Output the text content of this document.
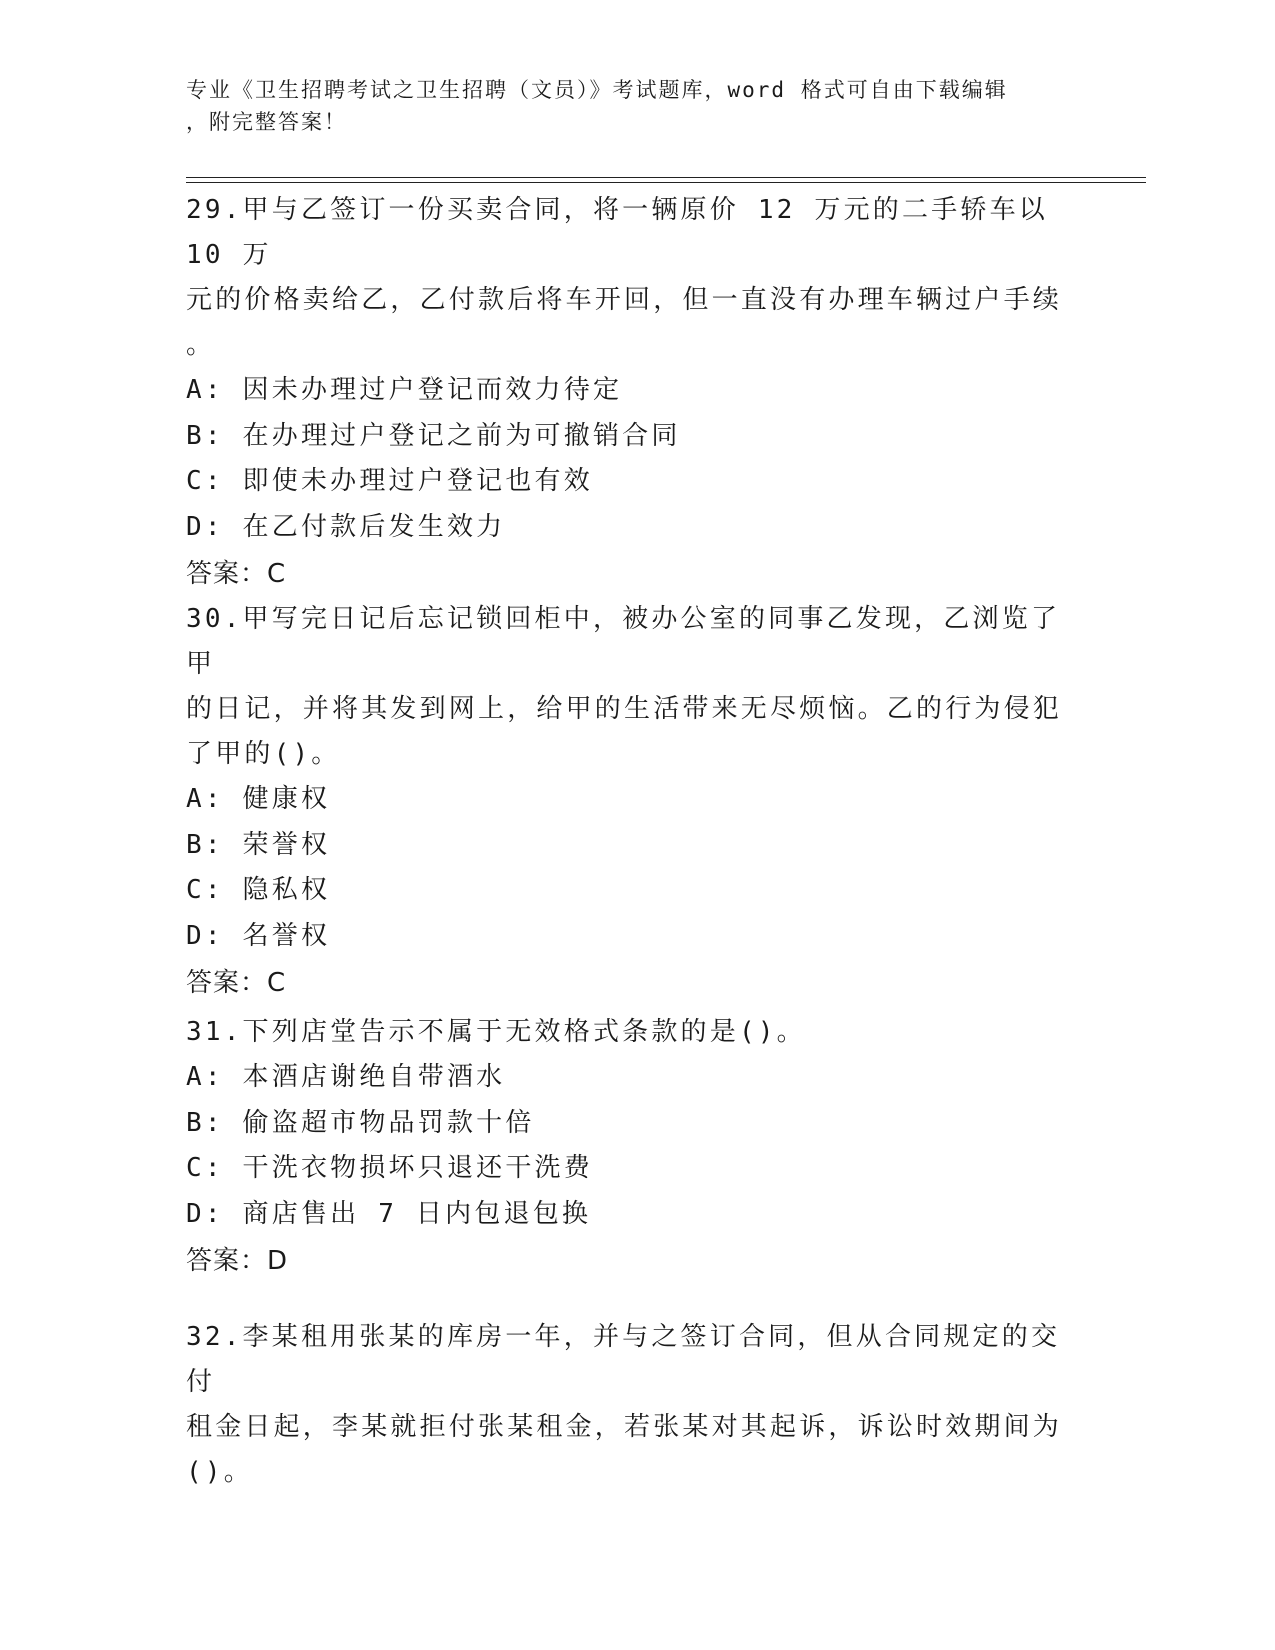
专业《卫生招聘考试之卫生招聘（文员）》考试题库，word 格式可自由下载编辑
，附完整答案！
29.甲与乙签订一份买卖合同，将一辆原价 12 万元的二手轿车以 10 万
元的价格卖给乙，乙付款后将车开回，但一直没有办理车辆过户手续
。
A: 因未办理过户登记而效力待定
B: 在办理过户登记之前为可撤销合同
C: 即使未办理过户登记也有效
D: 在乙付款后发生效力
答案：C
30.甲写完日记后忘记锁回柜中，被办公室的同事乙发现，乙浏览了甲
的日记，并将其发到网上，给甲的生活带来无尽烦恼。乙的行为侵犯
了甲的()。
A: 健康权
B: 荣誉权
C: 隐私权
D: 名誉权
答案：C
31.下列店堂告示不属于无效格式条款的是()。
A: 本酒店谢绝自带酒水
B: 偷盗超市物品罚款十倍
C: 干洗衣物损坏只退还干洗费
D: 商店售出 7 日内包退包换
答案：D
32.李某租用张某的库房一年，并与之签订合同，但从合同规定的交付
租金日起，李某就拒付张某租金，若张某对其起诉，诉讼时效期间为
()。
